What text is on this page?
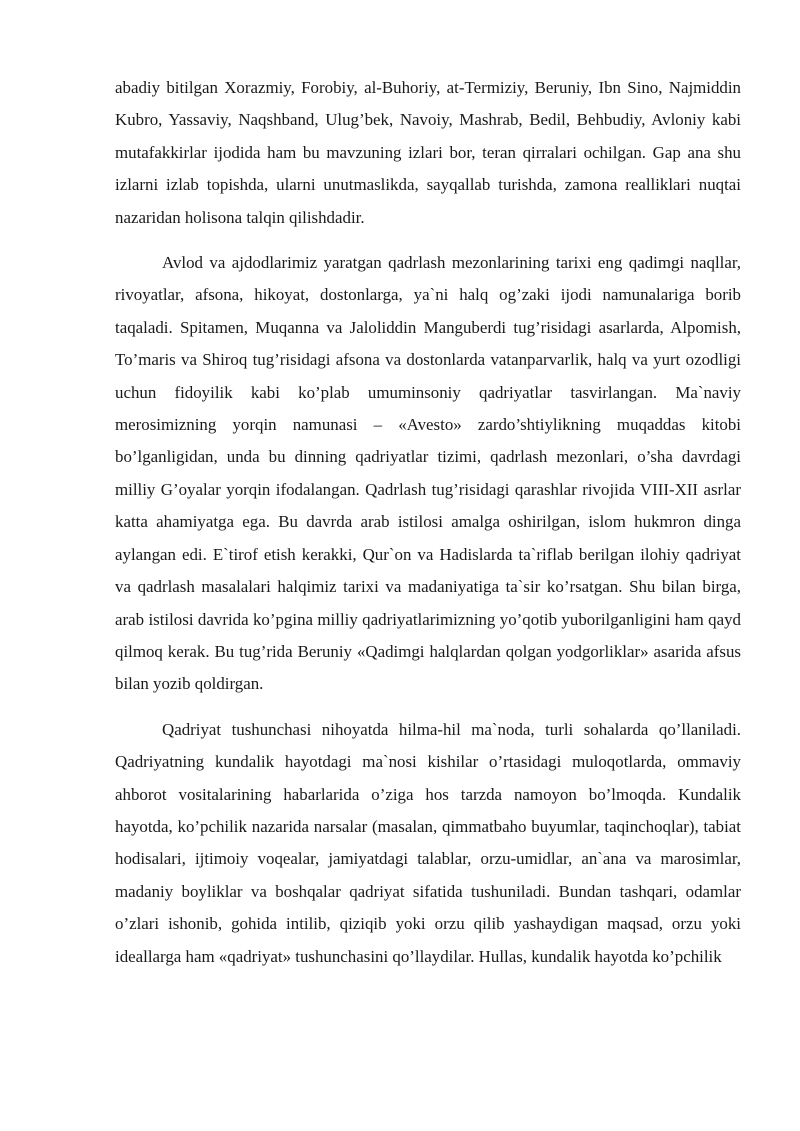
abadiy bitilgan Xorazmiy, Forobiy, al-Buhoriy, at-Termiziy, Beruniy, Ibn Sino, Najmiddin Kubro, Yassaviy, Naqshband, Ulug’bek, Navoiy, Mashrab, Bedil, Behbudiy, Avloniy kabi mutafakkirlar ijodida ham bu mavzuning izlari bor, teran qirralari ochilgan. Gap ana shu izlarni izlab topishda, ularni unutmaslikda, sayqallab turishda, zamona realliklari nuqtai nazaridan holisona talqin qilishdadir.

Avlod va ajdodlarimiz yaratgan qadrlash mezonlarining tarixi eng qadimgi naqllar, rivoyatlar, afsona, hikoyat, dostonlarga, ya`ni halq og’zaki ijodi namunalariga borib taqaladi. Spitamen, Muqanna va Jaloliddin Manguberdi tug’risidagi asarlarda, Alpomish, To’maris va Shiroq tug’risidagi afsona va dostonlarda vatanparvarlik, halq va yurt ozodligi uchun fidoyilik kabi ko’plab umuminsoniy qadriyatlar tasvirlangan. Ma`naviy merosimizning yorqin namunasi – «Avesto» zardo’shtiylikning muqaddas kitobi bo’lganligidan, unda bu dinning qadriyatlar tizimi, qadrlash mezonlari, o’sha davrdagi milliy G’oyalar yorqin ifodalangan. Qadrlash tug’risidagi qarashlar rivojida VIII-XII asrlar katta ahamiyatga ega. Bu davrda arab istilosi amalga oshirilgan, islom hukmron dinga aylangan edi. E`tirof etish kerakki, Qur`on va Hadislarda ta`riflab berilgan ilohiy qadriyat va qadrlash masalalari halqimiz tarixi va madaniyatiga ta`sir ko’rsatgan. Shu bilan birga, arab istilosi davrida ko’pgina milliy qadriyatlarimizning yo’qotib yuborilganligini ham qayd qilmoq kerak. Bu tug’rida Beruniy «Qadimgi halqlardan qolgan yodgorliklar» asarida afsus bilan yozib qoldirgan.

Qadriyat tushunchasi nihoyatda hilma-hil ma`noda, turli sohalarda qo’llaniladi. Qadriyatning kundalik hayotdagi ma`nosi kishilar o’rtasidagi muloqotlarda, ommaviy ahborot vositalarining habarlarida o’ziga hos tarzda namoyon bo’lmoqda. Kundalik hayotda, ko’pchilik nazarida narsalar (masalan, qimmatbaho buyumlar, taqinchoqlar), tabiat hodisalari, ijtimoiy voqealar, jamiyatdagi talablar, orzu-umidlar, an`ana va marosimlar, madaniy boyliklar va boshqalar qadriyat sifatida tushuniladi. Bundan tashqari, odamlar o’zlari ishonib, gohida intilib, qiziqib yoki orzu qilib yashaydigan maqsad, orzu yoki ideallarga ham «qadriyat» tushunchasini qo’llaydilar. Hullas, kundalik hayotda ko’pchilik
